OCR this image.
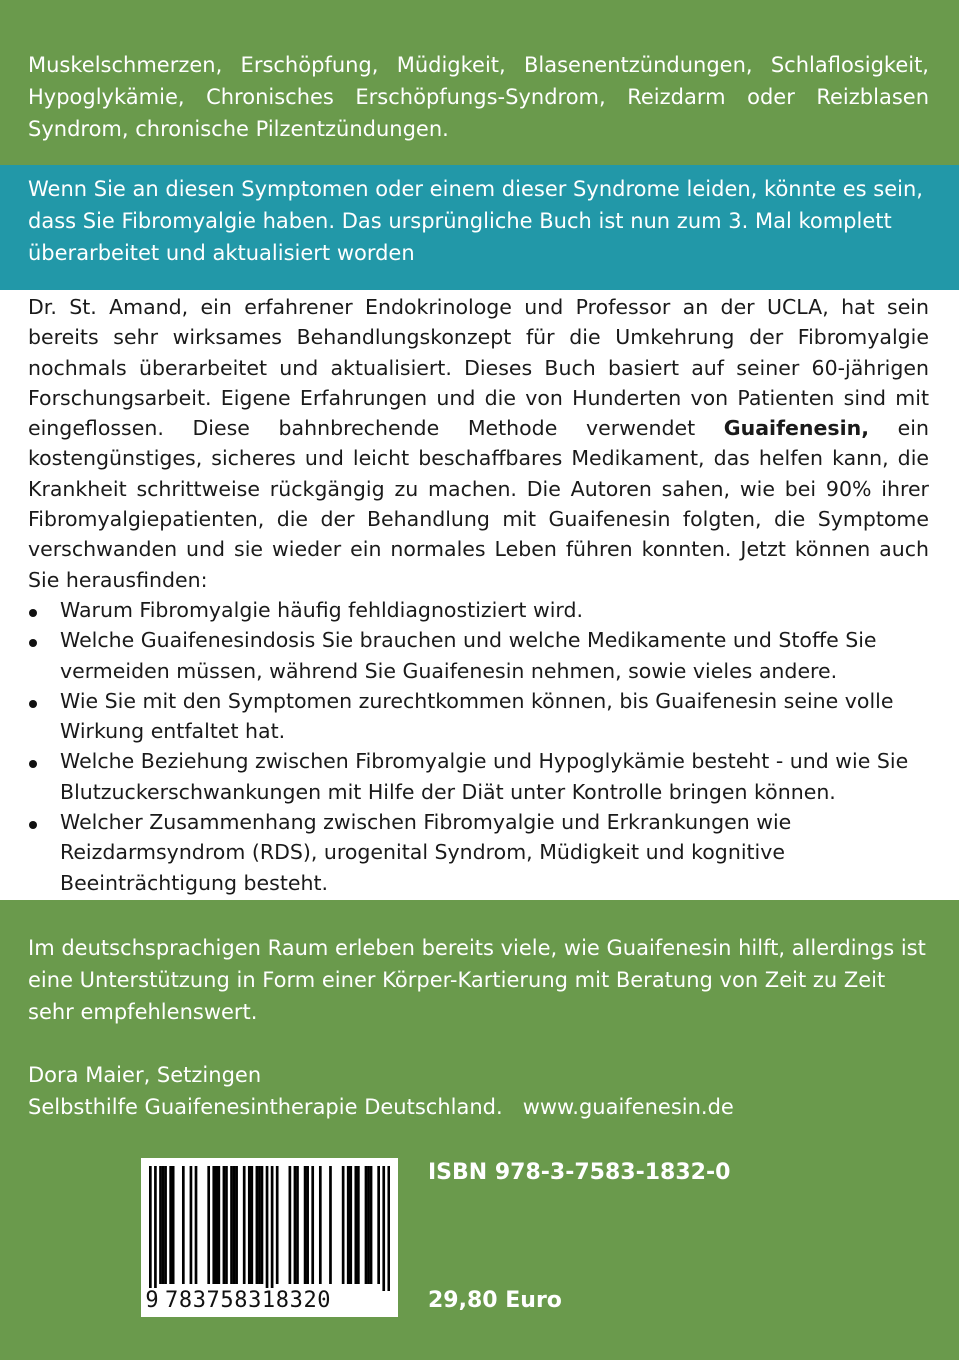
Muskelschmerzen, Erschöpfung, Müdigkeit, Blasenentzündungen, Schlaflosigkeit, Hypoglykämie, Chronisches Erschöpfungs-Syndrom, Reizdarm oder Reizblasen Syndrom, chronische Pilzentzündungen.

Wenn Sie an diesen Symptomen oder einem dieser Syndrome leiden, könnte es sein, dass Sie Fibromyalgie haben. Das ursprüngliche Buch ist nun zum 3. Mal komplett überarbeitet und aktualisiert worden

Dr. St. Amand, ein erfahrener Endokrinologe und Professor an der UCLA, hat sein bereits sehr wirksames Behandlungskonzept für die Umkehrung der Fibromyalgie nochmals überarbeitet und aktualisiert. Dieses Buch basiert auf seiner 60-jährigen Forschungsarbeit. Eigene Erfahrungen und die von Hunderten von Patienten sind mit eingeflossen. Diese bahnbrechende Methode verwendet Guaifenesin, ein kostengünstiges, sicheres und leicht beschaffbares Medikament, das helfen kann, die Krankheit schrittweise rückgängig zu machen. Die Autoren sahen, wie bei 90% ihrer Fibromyalgiepatienten, die der Behandlung mit Guaifenesin folgten, die Symptome verschwanden und sie wieder ein normales Leben führen konnten. Jetzt können auch Sie herausfinden:

Warum Fibromyalgie häufig fehldiagnostiziert wird.
Welche Guaifenesindosis Sie brauchen und welche Medikamente und Stoffe Sie vermeiden müssen, während Sie Guaifenesin nehmen, sowie vieles andere.
Wie Sie mit den Symptomen zurechtkommen können, bis Guaifenesin seine volle Wirkung entfaltet hat.
Welche Beziehung zwischen Fibromyalgie und Hypoglykämie besteht - und wie Sie Blutzuckerschwankungen mit Hilfe der Diät unter Kontrolle bringen können.
Welcher Zusammenhang zwischen Fibromyalgie und Erkrankungen wie Reizdarmsyndrom (RDS), urogenital Syndrom, Müdigkeit und kognitive Beeinträchtigung besteht.

Im deutschsprachigen Raum erleben bereits viele, wie Guaifenesin hilft, allerdings ist eine Unterstützung in Form einer Körper-Kartierung mit Beratung von Zeit zu Zeit sehr empfehlenswert.

Dora Maier, Setzingen

Selbsthilfe Guaifenesintherapie Deutschland. www.guaifenesin.de

9 783758318320
ISBN 978-3-7583-1832-0
29,80 Euro
